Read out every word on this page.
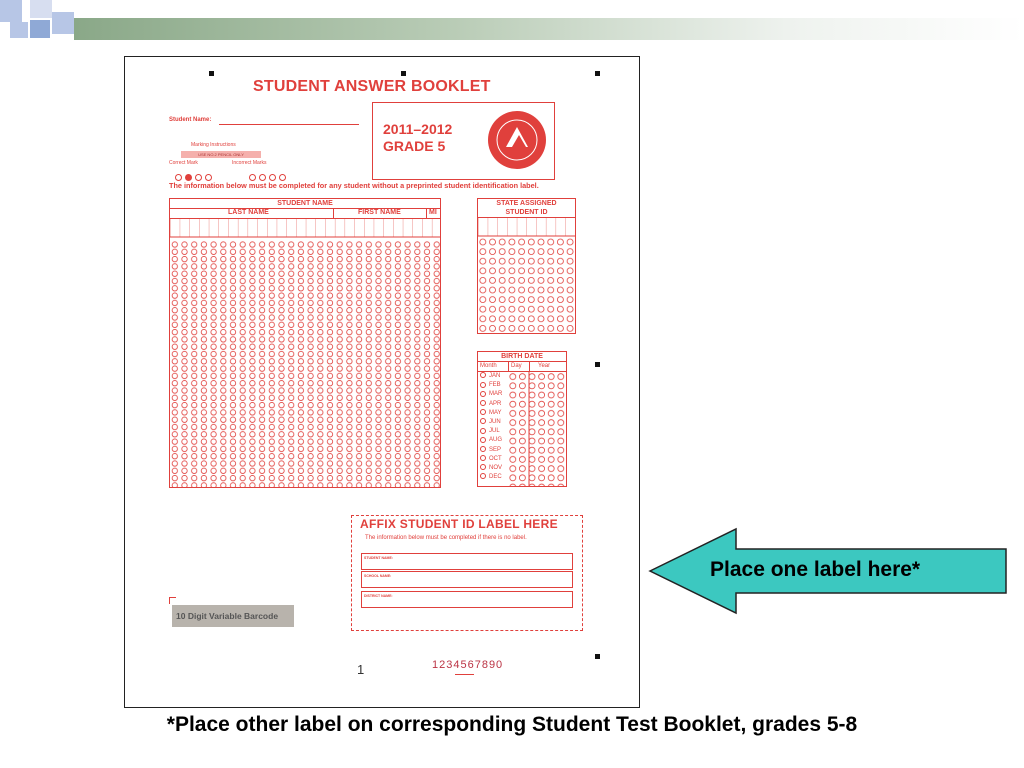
STUDENT ANSWER BOOKLET
Student Name:
Marking Instructions
USE NO.2 PENCIL ONLY
Correct Mark	Incorrect Marks
2011–2012
GRADE 5
The information below must be completed for any student without a preprinted student identification label.
STUDENT NAME
LAST NAME	FIRST NAME	MI
STATE ASSIGNED
STUDENT ID
BIRTH DATE
Month Day	Year
JAN
FEB
MAR
APR
MAY
JUN
JUL
AUG
SEP
OCT
NOV
DEC
AFFIX STUDENT ID LABEL HERE
The information below must be completed if there is no label.
STUDENT NAME:
SCHOOL NAME:
DISTRICT NAME:
10 Digit Variable Barcode
1	1234567890
Place one label here*
*Place other label on corresponding Student Test Booklet, grades 5-8
